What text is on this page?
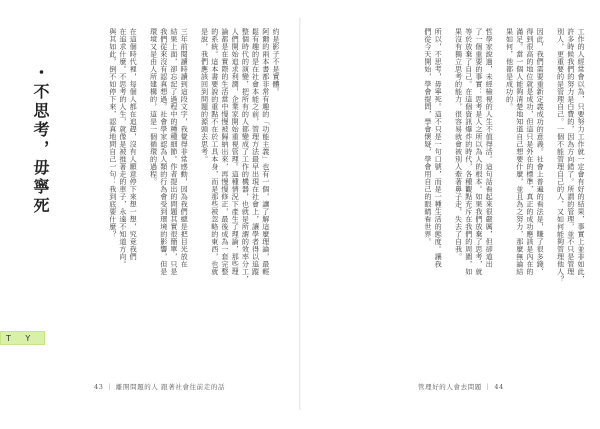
約是影子不是實體。
阿爾的兩本書都非常有趣的「功能主義」也有一個，讓了解這麼理論，最輕
鬆有趣的是在社會本能之前，管理方法最早出現在社會上，讓學者得以追蹤
整個時代的演變，把所有的人都變成了工作的機器，也就是所謂的效率分工，
人們開始追求利潤，企業家開始重視管理。這種情況下產生了理論，那些理
論都是在實際的生活當中慢慢被歸納出來，再慢慢修正，最後成為一套完整
的系統。這本書要說的重點不在於工具本身，而是那些被忽略的東西，也就
是說，我們應該回到問題的源頭去思考。

三年前閱讀時讀到這段文字，我覺得非常感動，因為我們總是把目光放在
結果上面，卻忘記了過程中的種種細節。作者提出的問題其實很簡單，只是
我們從來沒有認真想過。社會學家認為人類的行為會受到環境的影響，但是
環境又是由人所建構的，這是一個循環的過程。

在這個時代裡，每個人都在追趕，沒有人願意停下來想一想，究竟我們
在追求什麼。不思考的人生，就像是被推著走的車子，永遠不知道方向。
與其如此，倒不如停下來，認真地問自己一句：我到底要什麼？
・不思考，毋寧死
43 ｜ 離開問題的人 跟著社會往前走的話
工作的人經常會以為，只要努力工作就一定會有好的結果，事實上並非如此，
許多時候我們的努力是白費的，因為方向錯了。所謂的管理，並不只是管理
別人，更重要的是管理自己。一個不能管理自己的人，又如何能夠管理他人？

因此，我們需要重新定義成功的意義。社會上普遍的看法是，賺了很多錢、
得到很高的地位就是成功，但這只是外在的標準，真正的成功應該是內在的
滿足。當一個人能夠清楚地知道自己想要什麼，並且為之努力，那麼無論結
果如何，他都是成功的。

哲學家說過，未經檢視的人生不值得活。這句話看起來很嚴厲，但卻道出
了一個重要的事實：思考是人之所以為人的根本。如果我們放棄了思考，就
等於放棄了自己。在這個資訊爆炸的時代，各種觀點充斥在我們的周圍，如
果沒有獨立思考的能力，很容易就會被別人牽著鼻子走，失去了自我。

所以，不思考，毋寧死。這不只是一句口號，而是一種生活的態度。讓我
們從今天開始，學會提問，學會懷疑，學會用自己的眼睛看世界。
管理好的人會去問題 ｜ 44
T Y
